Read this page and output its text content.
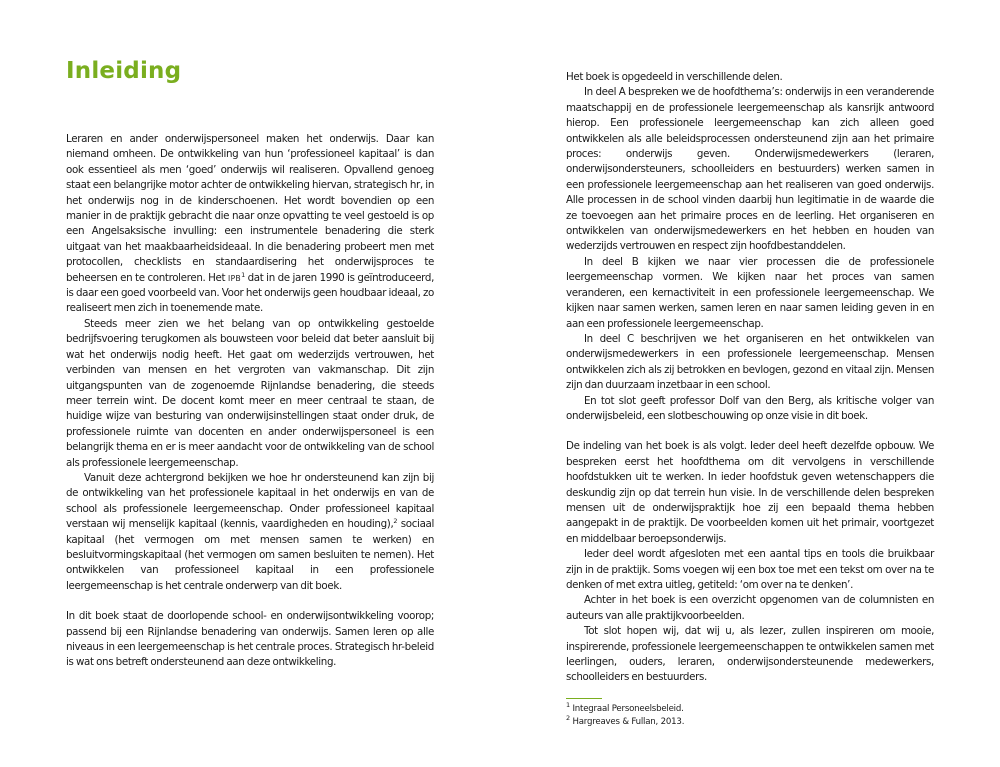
Inleiding

Leraren en ander onderwijspersoneel maken het onderwijs. Daar kan niemand omheen. De ontwikkeling van hun ‘professioneel kapitaal’ is dan ook essentieel als men ‘goed’ onderwijs wil realiseren. Opvallend genoeg staat een belangrijke motor achter de ontwikkeling hiervan, strategisch hr, in het onderwijs nog in de kinderschoenen. Het wordt bovendien op een manier in de praktijk gebracht die naar onze opvatting te veel gestoeld is op een Angelsaksische invulling: een instrumentele benadering die sterk uitgaat van het maakbaarheidsideaal. In die benadering probeert men met protocollen, checklists en standaardisering het onderwijsproces te beheersen en te controleren. Het IPB$^1$ dat in de jaren 1990 is geïntroduceerd, is daar een goed voorbeeld van. Voor het onderwijs geen houdbaar ideaal, zo realiseert men zich in toenemende mate.

Steeds meer zien we het belang van op ontwikkeling gestoelde bedrijfsvoering terugkomen als bouwsteen voor beleid dat beter aansluit bij wat het onderwijs nodig heeft. Het gaat om wederzijds vertrouwen, het verbinden van mensen en het vergroten van vakmanschap. Dit zijn uitgangspunten van de zogenoemde Rijnlandse benadering, die steeds meer terrein wint. De docent komt meer en meer centraal te staan, de huidige wijze van besturing van onderwijsinstellingen staat onder druk, de professionele ruimte van docenten en ander onderwijspersoneel is een belangrijk thema en er is meer aandacht voor de ontwikkeling van de school als professionele leergemeenschap.

Vanuit deze achtergrond bekijken we hoe hr ondersteunend kan zijn bij de ontwikkeling van het professionele kapitaal in het onderwijs en van de school als professionele leergemeenschap. Onder professioneel kapitaal verstaan wij menselijk kapitaal (kennis, vaardigheden en houding),$^2$ sociaal kapitaal (het vermogen om met mensen samen te werken) en besluitvormingskapitaal (het vermogen om samen besluiten te nemen). Het ontwikkelen van professioneel kapitaal in een professionele leergemeenschap is het centrale onderwerp van dit boek.

In dit boek staat de doorlopende school- en onderwijsontwikkeling voorop; passend bij een Rijnlandse benadering van onderwijs. Samen leren op alle niveaus in een leergemeenschap is het centrale proces. Strategisch hr-beleid is wat ons betreft ondersteunend aan deze ontwikkeling.

Het boek is opgedeeld in verschillende delen.

In deel A bespreken we de hoofdthema’s: onderwijs in een veranderende maatschappij en de professionele leergemeenschap als kansrijk antwoord hierop. Een professionele leergemeenschap kan zich alleen goed ontwikkelen als alle beleidsprocessen ondersteunend zijn aan het primaire proces: onderwijs geven. Onderwijsmedewerkers (leraren, onderwijsondersteuners, schoolleiders en bestuurders) werken samen in een professionele leergemeenschap aan het realiseren van goed onderwijs. Alle processen in de school vinden daarbij hun legitimatie in de waarde die ze toevoegen aan het primaire proces en de leerling. Het organiseren en ontwikkelen van onderwijsmedewerkers en het hebben en houden van wederzijds vertrouwen en respect zijn hoofdbestanddelen.

In deel B kijken we naar vier processen die de professionele leergemeenschap vormen. We kijken naar het proces van samen veranderen, een kernactiviteit in een professionele leergemeenschap. We kijken naar samen werken, samen leren en naar samen leiding geven in en aan een professionele leergemeenschap.

In deel C beschrijven we het organiseren en het ontwikkelen van onderwijsmedewerkers in een professionele leergemeenschap. Mensen ontwikkelen zich als zij betrokken en bevlogen, gezond en vitaal zijn. Mensen zijn dan duurzaam inzetbaar in een school.

En tot slot geeft professor Dolf van den Berg, als kritische volger van onderwijsbeleid, een slotbeschouwing op onze visie in dit boek.

De indeling van het boek is als volgt. Ieder deel heeft dezelfde opbouw. We bespreken eerst het hoofdthema om dit vervolgens in verschillende hoofdstukken uit te werken. In ieder hoofdstuk geven wetenschappers die deskundig zijn op dat terrein hun visie. In de verschillende delen bespreken mensen uit de onderwijspraktijk hoe zij een bepaald thema hebben aangepakt in de praktijk. De voorbeelden komen uit het primair, voortgezet en middelbaar beroepsonderwijs.

Ieder deel wordt afgesloten met een aantal tips en tools die bruikbaar zijn in de praktijk. Soms voegen wij een box toe met een tekst om over na te denken of met extra uitleg, getiteld: ‘om over na te denken’.

Achter in het boek is een overzicht opgenomen van de columnisten en auteurs van alle praktijkvoorbeelden.

Tot slot hopen wij, dat wij u, als lezer, zullen inspireren om mooie, inspirerende, professionele leergemeenschappen te ontwikkelen samen met leerlingen, ouders, leraren, onderwijsondersteunende medewerkers, schoolleiders en bestuurders.

$^1$ Integraal Personeelsbeleid.
$^2$ Hargreaves & Fullan, 2013.
